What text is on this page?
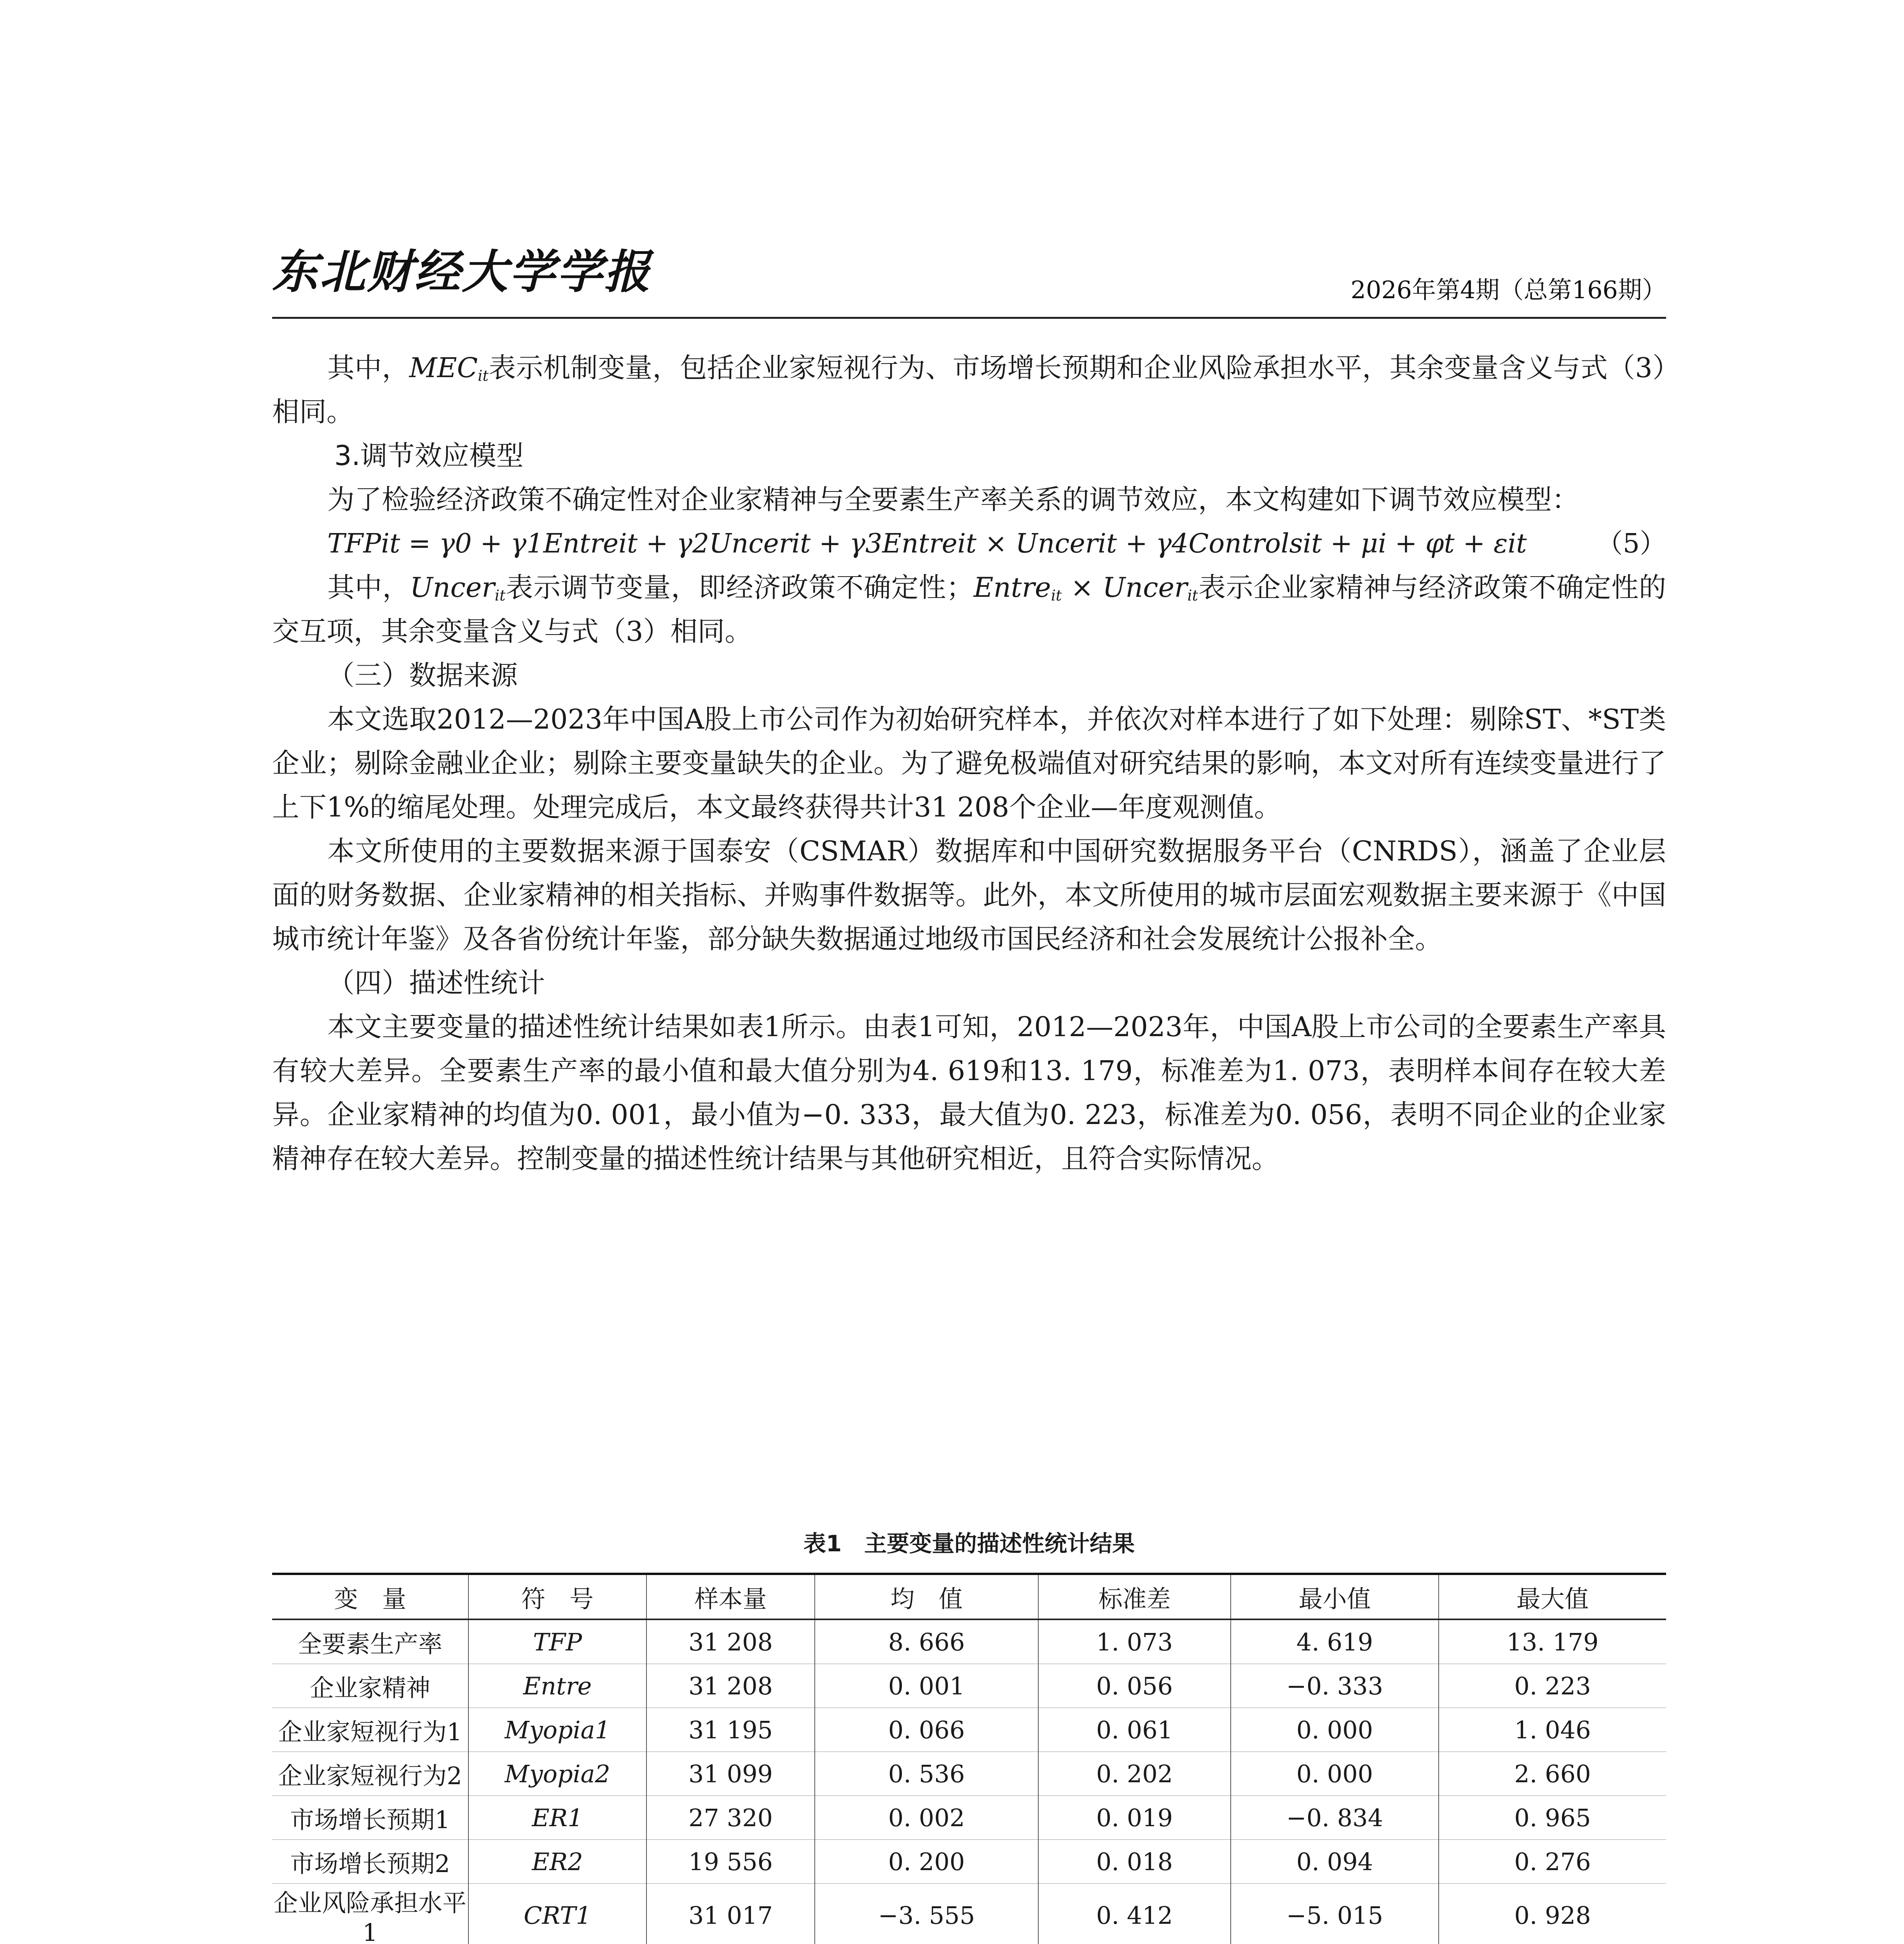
东北财经大学学报	2026年第4期（总第166期）

其中，$MEC_{it}$表示机制变量，包括企业家短视行为、市场增长预期和企业风险承担水平，其余变量含义与式（3）相同。

3.调节效应模型

为了检验经济政策不确定性对企业家精神与全要素生产率关系的调节效应，本文构建如下调节效应模型：

TFPit = γ0 + γ1Entreit + γ2Uncerit + γ3Entreit × Uncerit + γ4Controlsit + μi + φt + εit	（5）

其中，Uncer$_{it}$表示调节变量，即经济政策不确定性；Entre$_{it}$ × Uncer$_{it}$表示企业家精神与经济政策不确定性的交互项，其余变量含义与式（3）相同。

（三）数据来源

本文选取2012—2023年中国A股上市公司作为初始研究样本，并依次对样本进行了如下处理：剔除ST、*ST类企业；剔除金融业企业；剔除主要变量缺失的企业。为了避免极端值对研究结果的影响，本文对所有连续变量进行了上下1%的缩尾处理。处理完成后，本文最终获得共计31 208个企业—年度观测值。

本文所使用的主要数据来源于国泰安（CSMAR）数据库和中国研究数据服务平台（CNRDS），涵盖了企业层面的财务数据、企业家精神的相关指标、并购事件数据等。此外，本文所使用的城市层面宏观数据主要来源于《中国城市统计年鉴》及各省份统计年鉴，部分缺失数据通过地级市国民经济和社会发展统计公报补全。

（四）描述性统计

本文主要变量的描述性统计结果如表1所示。由表1可知，2012—2023年，中国A股上市公司的全要素生产率具有较大差异。全要素生产率的最小值和最大值分别为4. 619和13. 179，标准差为1. 073，表明样本间存在较大差异。企业家精神的均值为0. 001，最小值为−0. 333，最大值为0. 223，标准差为0. 056，表明不同企业的企业家精神存在较大差异。控制变量的描述性统计结果与其他研究相近，且符合实际情况。

表1　主要变量的描述性统计结果
变　量	符　号	样本量	均　值	标准差	最小值	最大值
全要素生产率	TFP	31 208	8. 666	1. 073	4. 619	13. 179
企业家精神	Entre	31 208	0. 001	0. 056	−0. 333	0. 223
企业家短视行为1	Myopia1	31 195	0. 066	0. 061	0. 000	1. 046
企业家短视行为2	Myopia2	31 099	0. 536	0. 202	0. 000	2. 660
市场增长预期1	ER1	27 320	0. 002	0. 019	−0. 834	0. 965
市场增长预期2	ER2	19 556	0. 200	0. 018	0. 094	0. 276
企业风险承担水平1	CRT1	31 017	−3. 555	0. 412	−5. 015	0. 928
